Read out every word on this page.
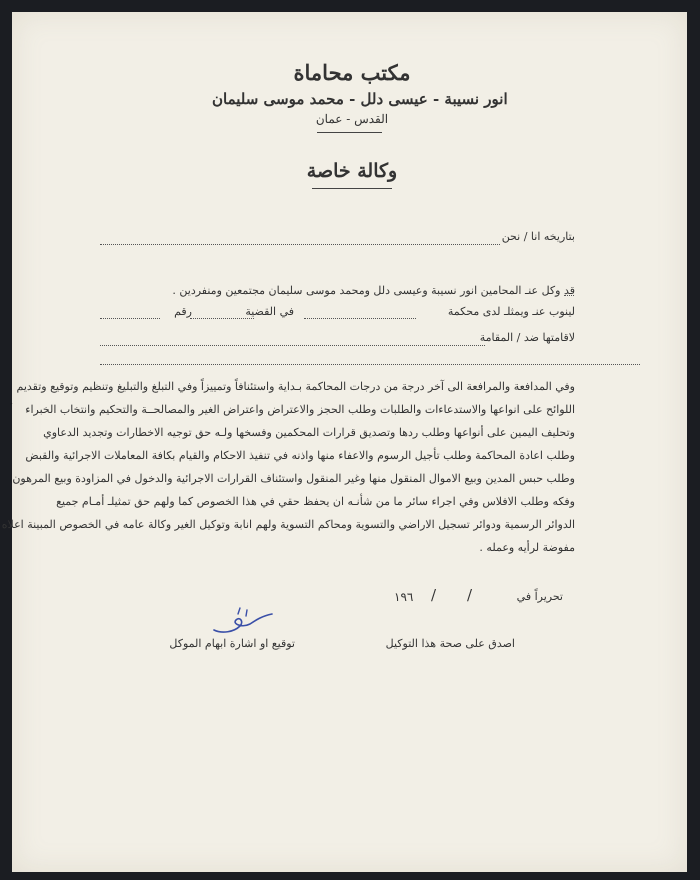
مكتب محاماة
انور نسيبة - عيسى دلل - محمد موسى سليمان
القدس - عمان
وكالة خاصة
بتاريخه انا / نحن
قد وكل عنـ المحامين انور نسيبة وعيسى دلل ومحمد موسى سليمان مجتمعين ومنفردين .
لينوب عنـ ويمثلـ لدى محكمة
في القضية
رقم
لاقامتها ضد / المقامة
وفي المدافعة والمرافعة الى آخر درجة من درجات المحاكمة بـداية واستئنافاً وتمييزاً وفي التبلغ والتبليغ وتنظيم وتوقيع وتقديم
اللوائح على انواعها والاستدعاءات والطلبات وطلب الحجز والاعتراض واعتراض الغير والمصالحــة والتحكيم وانتخاب الخبراء
وتحليف اليمين على أنواعها وطلب ردها وتصديق قرارات المحكمين وفسخها ولـه حق توجيه الاخطارات وتجديد الدعاوي
وطلب اعادة المحاكمة وطلب تأجيل الرسوم والاعفاء منها واذنه في تنفيذ الاحكام والقيام بكافة المعاملات الاجرائية والقبض
وطلب حبس المدين وبيع الاموال المنقول منها وغير المنقول واستئناف القرارات الاجرائية والدخول في المزاودة وبيع المرهون
وفكه وطلب الافلاس وفي اجراء سائر ما من شأنـه ان يحفظ حقي في هذا الخصوص كما ولهم حق تمثيلـ أمـام جميع
الدوائر الرسمية ودوائر تسجيل الاراضي والتسوية ومحاكم التسوية ولهم انابة وتوكيل الغير وكالة عامه في الخصوص المبينة اعلاه
مفوضة لرأيه وعمله .
تحريراً في
/
/
١٩٦
عيسى
توقيع او اشارة ابهام الموكل	اصدق على صحة هذا التوكيل
